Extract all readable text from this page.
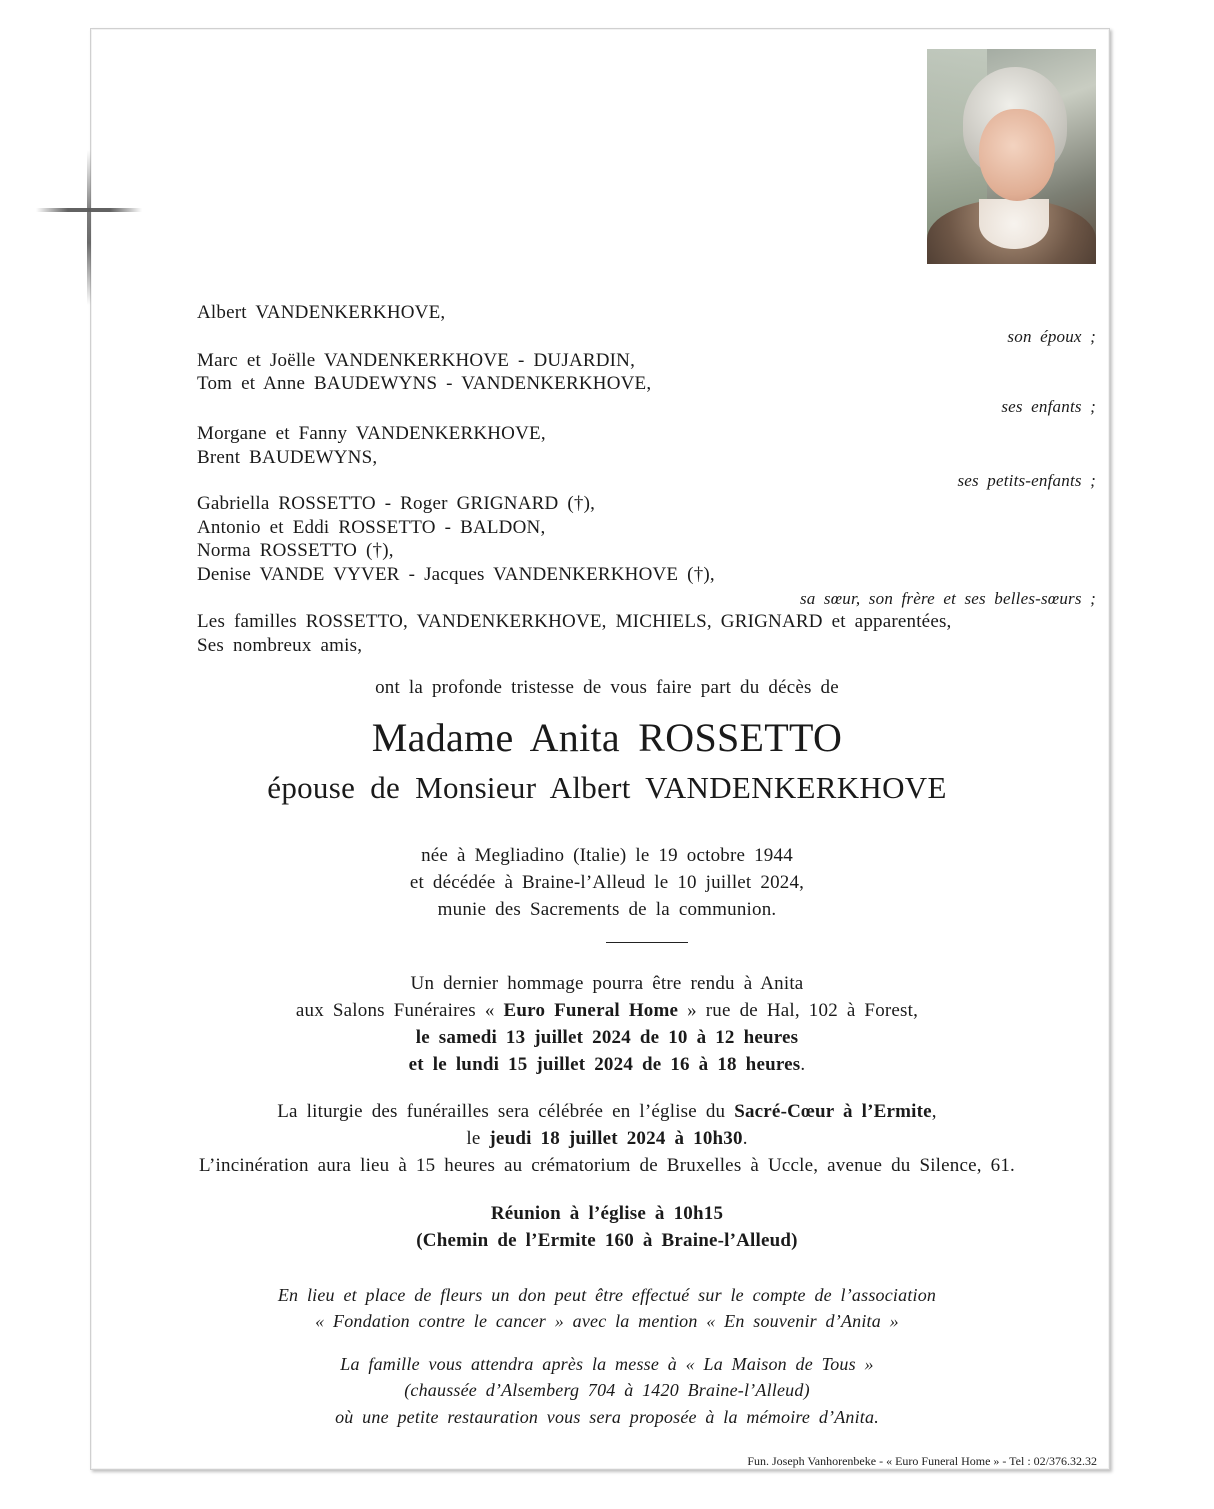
Albert VANDENKERKHOVE,
son époux ;
Marc et Joëlle VANDENKERKHOVE - DUJARDIN,
Tom et Anne BAUDEWYNS - VANDENKERKHOVE,
ses enfants ;
Morgane et Fanny VANDENKERKHOVE,
Brent BAUDEWYNS,
ses petits-enfants ;
Gabriella ROSSETTO - Roger GRIGNARD (†),
Antonio et Eddi ROSSETTO - BALDON,
Norma ROSSETTO (†),
Denise VANDE VYVER - Jacques VANDENKERKHOVE (†),
sa sœur, son frère et ses belles-sœurs ;
Les familles ROSSETTO, VANDENKERKHOVE, MICHIELS, GRIGNARD et apparentées,
Ses nombreux amis,
ont la profonde tristesse de vous faire part du décès de
Madame Anita ROSSETTO
épouse de Monsieur Albert VANDENKERKHOVE
née à Megliadino (Italie) le 19 octobre 1944
et décédée à Braine-l’Alleud le 10 juillet 2024,
munie des Sacrements de la communion.
Un dernier hommage pourra être rendu à Anita
aux Salons Funéraires « Euro Funeral Home » rue de Hal, 102 à Forest,
le samedi 13 juillet 2024 de 10 à 12 heures
et le lundi 15 juillet 2024 de 16 à 18 heures.
La liturgie des funérailles sera célébrée en l’église du Sacré-Cœur à l’Ermite,
le jeudi 18 juillet 2024 à 10h30.
L’incinération aura lieu à 15 heures au crématorium de Bruxelles à Uccle, avenue du Silence, 61.
Réunion à l’église à 10h15
(Chemin de l’Ermite 160 à Braine-l’Alleud)
En lieu et place de fleurs un don peut être effectué sur le compte de l’association
« Fondation contre le cancer » avec la mention « En souvenir d’Anita »
La famille vous attendra après la messe à « La Maison de Tous »
(chaussée d’Alsemberg 704 à 1420 Braine-l’Alleud)
où une petite restauration vous sera proposée à la mémoire d’Anita.
Fun. Joseph Vanhorenbeke - « Euro Funeral Home » - Tel : 02/376.32.32
